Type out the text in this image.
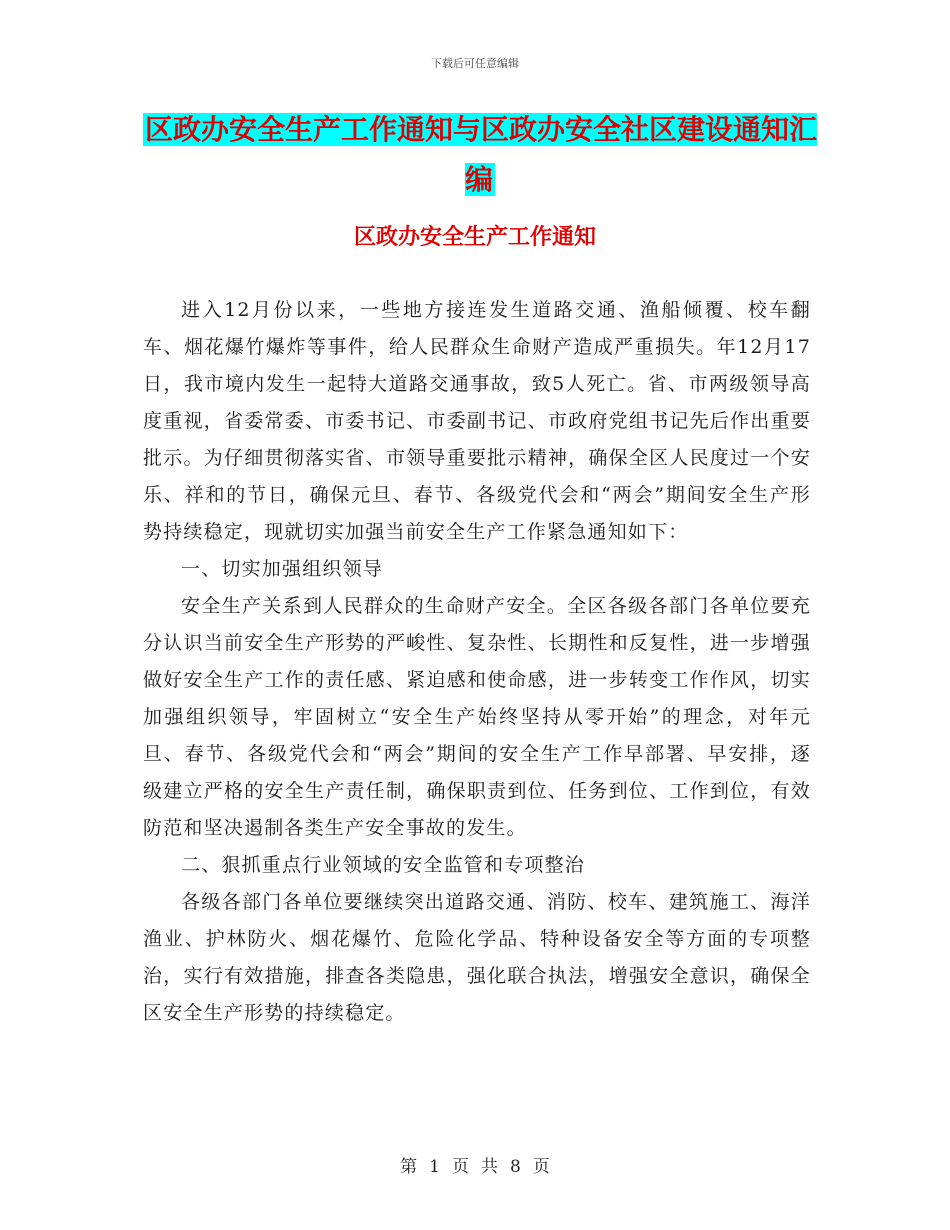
下载后可任意编辑
区政办安全生产工作通知与区政办安全社区建设通知汇编
区政办安全生产工作通知

进入12月份以来，一些地方接连发生道路交通、渔船倾覆、校车翻车、烟花爆竹爆炸等事件，给人民群众生命财产造成严重损失。年12月17日，我市境内发生一起特大道路交通事故，致5人死亡。省、市两级领导高度重视，省委常委、市委书记、市委副书记、市政府党组书记先后作出重要批示。为仔细贯彻落实省、市领导重要批示精神，确保全区人民度过一个安乐、祥和的节日，确保元旦、春节、各级党代会和“两会”期间安全生产形势持续稳定，现就切实加强当前安全生产工作紧急通知如下：

一、切实加强组织领导

安全生产关系到人民群众的生命财产安全。全区各级各部门各单位要充分认识当前安全生产形势的严峻性、复杂性、长期性和反复性，进一步增强做好安全生产工作的责任感、紧迫感和使命感，进一步转变工作作风，切实加强组织领导，牢固树立“安全生产始终坚持从零开始”的理念，对年元旦、春节、各级党代会和“两会”期间的安全生产工作早部署、早安排，逐级建立严格的安全生产责任制，确保职责到位、任务到位、工作到位，有效防范和坚决遏制各类生产安全事故的发生。

二、狠抓重点行业领域的安全监管和专项整治

各级各部门各单位要继续突出道路交通、消防、校车、建筑施工、海洋渔业、护林防火、烟花爆竹、危险化学品、特种设备安全等方面的专项整治，实行有效措施，排查各类隐患，强化联合执法，增强安全意识，确保全区安全生产形势的持续稳定。

第 1 页 共 8 页
